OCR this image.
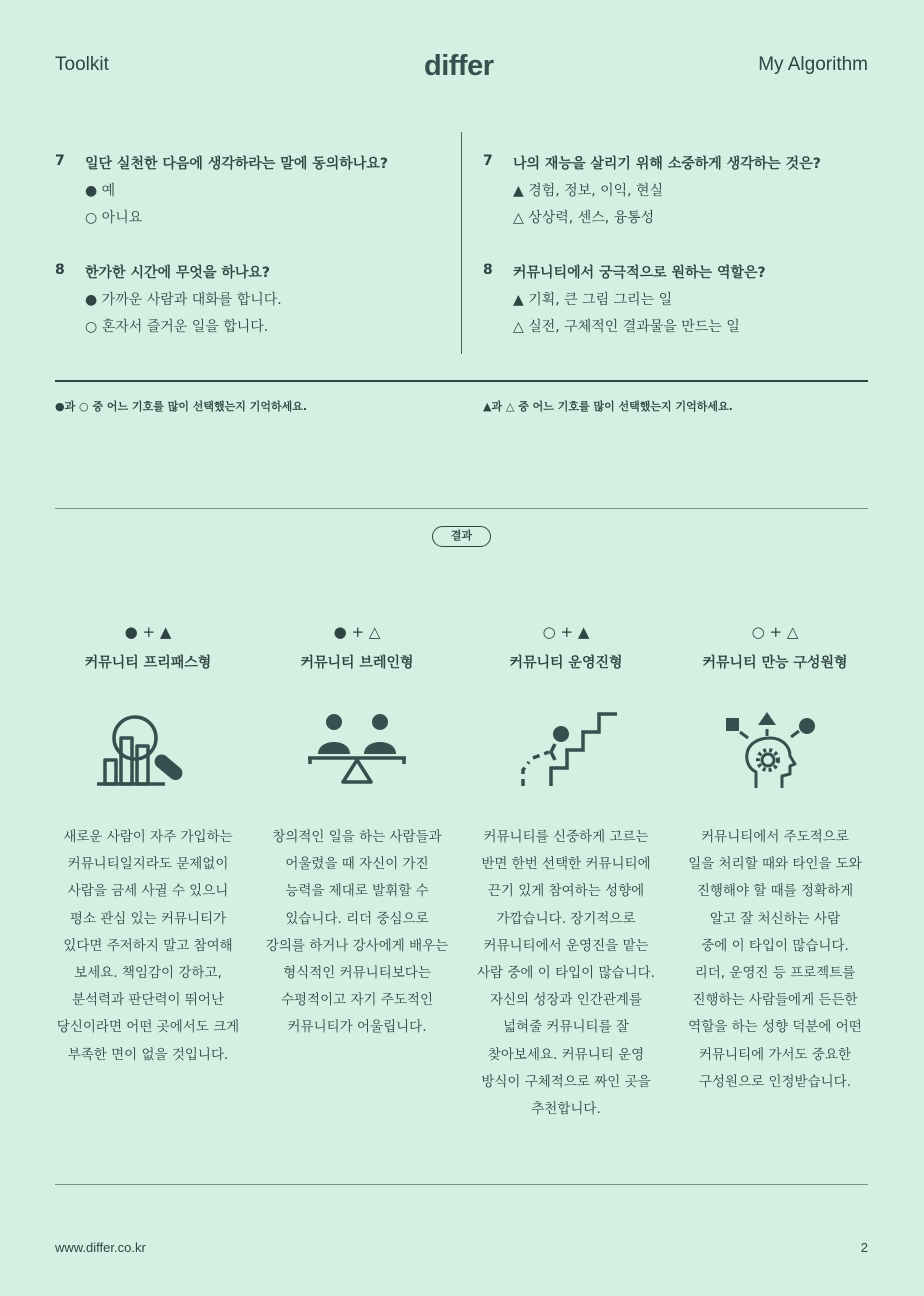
Toolkit	differ	My Algorithm
7 일단 실천한 다음에 생각하라는 말에 동의하나요?
● 예
○ 아니요
8 한가한 시간에 무엇을 하나요?
● 가까운 사람과 대화를 합니다.
○ 혼자서 즐거운 일을 합니다.
7 나의 재능을 살리기 위해 소중하게 생각하는 것은?
▲ 경험, 정보, 이익, 현실
△ 상상력, 센스, 융통성
8 커뮤니티에서 궁극적으로 원하는 역할은?
▲ 기획, 큰 그림 그리는 일
△ 실전, 구체적인 결과물을 만드는 일
●과 ○ 중 어느 기호를 많이 선택했는지 기억하세요.	▲과 △ 중 어느 기호를 많이 선택했는지 기억하세요.
결과
● + ▲
커뮤니티 프리패스형
새로운 사람이 자주 가입하는
커뮤니티일지라도 문제없이
사람을 금세 사귈 수 있으니
평소 관심 있는 커뮤니티가
있다면 주저하지 말고 참여해
보세요. 책임감이 강하고,
분석력과 판단력이 뛰어난
당신이라면 어떤 곳에서도 크게
부족한 면이 없을 것입니다.
● + △
커뮤니티 브레인형
창의적인 일을 하는 사람들과
어울렸을 때 자신이 가진
능력을 제대로 발휘할 수
있습니다. 리더 중심으로
강의를 하거나 강사에게 배우는
형식적인 커뮤니티보다는
수평적이고 자기 주도적인
커뮤니티가 어울립니다.
○ + ▲
커뮤니티 운영진형
커뮤니티를 신중하게 고르는
반면 한번 선택한 커뮤니티에
끈기 있게 참여하는 성향에
가깝습니다. 장기적으로
커뮤니티에서 운영진을 맡는
사람 중에 이 타입이 많습니다.
자신의 성장과 인간관계를
넓혀줄 커뮤니티를 잘
찾아보세요. 커뮤니티 운영
방식이 구체적으로 짜인 곳을
추천합니다.
○ + △
커뮤니티 만능 구성원형
커뮤니티에서 주도적으로
일을 처리할 때와 타인을 도와
진행해야 할 때를 정확하게
알고 잘 처신하는 사람
중에 이 타입이 많습니다.
리더, 운영진 등 프로젝트를
진행하는 사람들에게 든든한
역할을 하는 성향 덕분에 어떤
커뮤니티에 가서도 중요한
구성원으로 인정받습니다.
www.differ.co.kr	2
